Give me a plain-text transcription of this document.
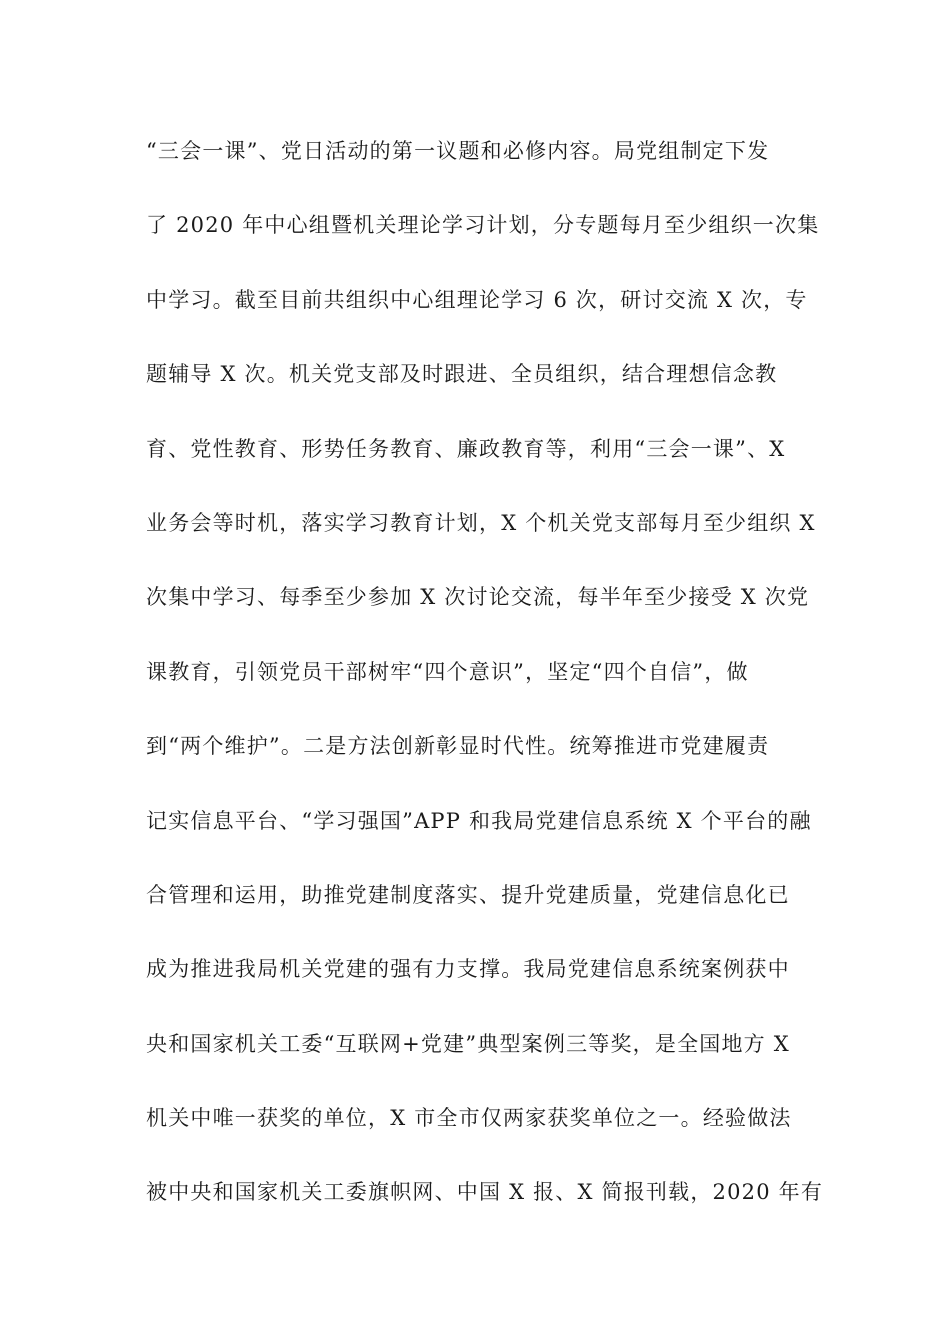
“三会一课”、党日活动的第一议题和必修内容。局党组制定下发
了 2020 年中心组暨机关理论学习计划，分专题每月至少组织一次集
中学习。截至目前共组织中心组理论学习 6 次，研讨交流 X 次，专
题辅导 X 次。机关党支部及时跟进、全员组织，结合理想信念教
育、党性教育、形势任务教育、廉政教育等，利用“三会一课”、X
业务会等时机，落实学习教育计划，X 个机关党支部每月至少组织 X
次集中学习、每季至少参加 X 次讨论交流，每半年至少接受 X 次党
课教育，引领党员干部树牢“四个意识”，坚定“四个自信”，做
到“两个维护”。二是方法创新彰显时代性。统筹推进市党建履责
记实信息平台、“学习强国”APP 和我局党建信息系统 X 个平台的融
合管理和运用，助推党建制度落实、提升党建质量，党建信息化已
成为推进我局机关党建的强有力支撑。我局党建信息系统案例获中
央和国家机关工委“互联网+党建”典型案例三等奖，是全国地方 X
机关中唯一获奖的单位，X 市全市仅两家获奖单位之一。经验做法
被中央和国家机关工委旗帜网、中国 X 报、X 简报刊载，2020 年有
